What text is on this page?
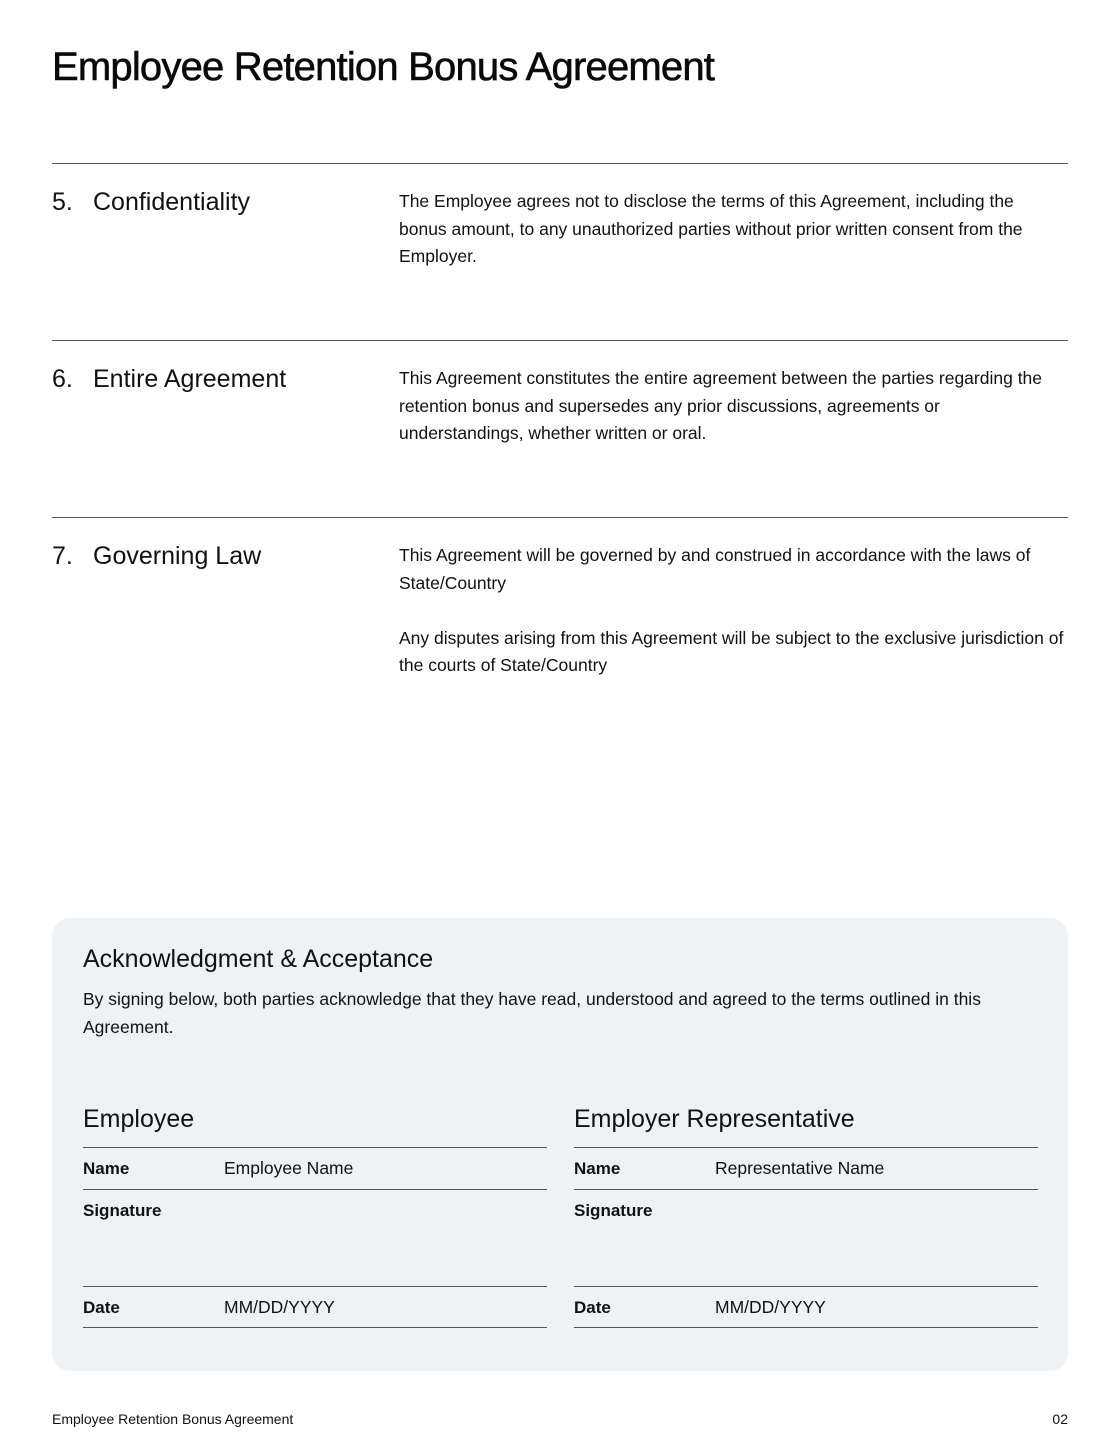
Employee Retention Bonus Agreement
5. Confidentiality	The Employee agrees not to disclose the terms of this Agreement, including the bonus amount, to any unauthorized parties without prior written consent from the Employer.

6. Entire Agreement	This Agreement constitutes the entire agreement between the parties regarding the retention bonus and supersedes any prior discussions, agreements or understandings, whether written or oral.

7. Governing Law	This Agreement will be governed by and construed in accordance with the laws of State/Country

Any disputes arising from this Agreement will be subject to the exclusive jurisdiction of the courts of State/Country

Acknowledgment & Acceptance
By signing below, both parties acknowledge that they have read, understood and agreed to the terms outlined in this Agreement.
Employee
Name	Employee Name
Signature
Date	MM/DD/YYYY
Employer Representative
Name	Representative Name
Signature
Date	MM/DD/YYYY
Employee Retention Bonus Agreement	02
